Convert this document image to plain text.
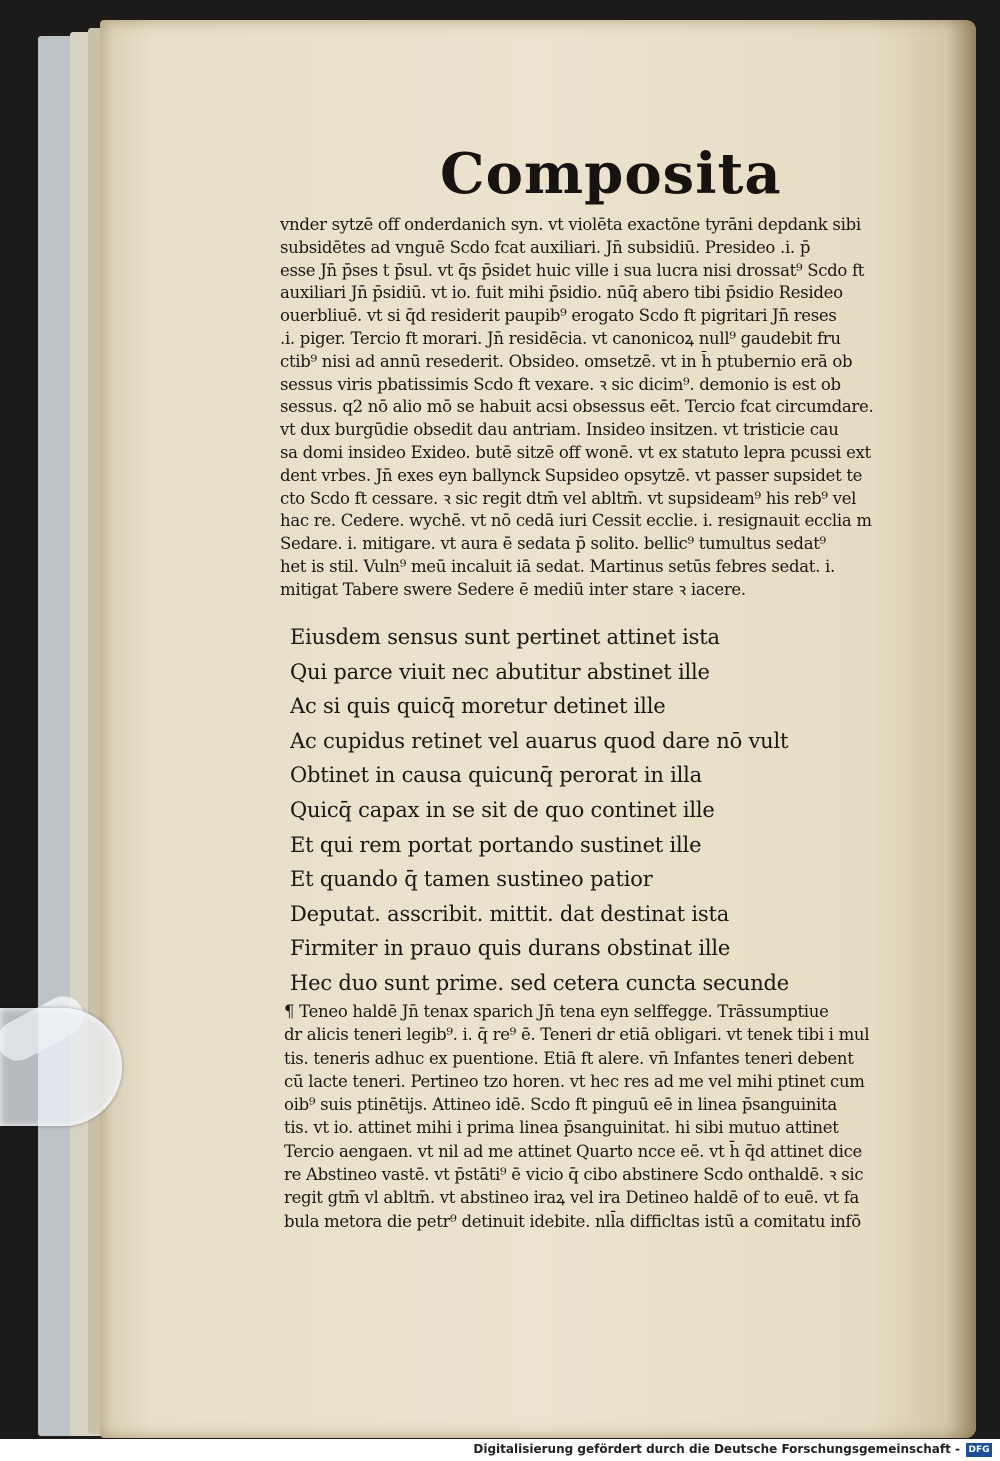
Composita
vnder sytzē off onderdanich syn. vt violēta exactōne tyrāni depdank sibi
subsidētes ad vnguē Scdo fcat auxiliari. Jn̄ subsidiū. Presideo .i. p̄
esse Jn̄ p̄ses t p̄sul. vt q̄s p̄sidet huic ville i sua lucra nisi drossat⁹ Scdo ft
auxiliari Jn̄ p̄sidiū. vt io. fuit mihi p̄sidio. nūq̄ abero tibi p̄sidio Resideo
ouerbliuē. vt si q̄d residerit paupib⁹ erogato Scdo ft pigritari Jn̄ reses
.i. piger. Tercio ft morari. Jn̄ residēcia. vt canonicoꝝ null⁹ gaudebit fru
ctib⁹ nisi ad annū resederit. Obsideo. omsetzē. vt in h̄ ptubernio erā ob
sessus viris pbatissimis Scdo ft vexare. ꝛ sic dicim⁹. demonio is est ob
sessus. q2 nō alio mō se habuit acsi obsessus eēt. Tercio fcat circumdare.
vt dux burgūdie obsedit dau antriam. Insideo insitzen. vt tristicie cau
sa domi insideo Exideo. butē sitzē off wonē. vt ex statuto lepra pcussi ext
dent vrbes. Jn̄ exes eyn ballynck Supsideo opsytzē. vt passer supsidet te
cto Scdo ft cessare. ꝛ sic regit dtm̄ vel abltm̄. vt supsideam⁹ his reb⁹ vel
hac re. Cedere. wychē. vt nō cedā iuri Cessit ecclie. i. resignauit ecclia m
Sedare. i. mitigare. vt aura ē sedata p̄ solito. bellic⁹ tumultus sedat⁹
het is stil. Vuln⁹ meū incaluit iā sedat. Martinus setūs febres sedat. i.
mitigat Tabere swere Sedere ē mediū inter stare ꝛ iacere.
Eiusdem sensus sunt pertinet attinet ista
Qui parce viuit nec abutitur abstinet ille
Ac si quis quicq̄ moretur detinet ille
Ac cupidus retinet vel auarus quod dare nō vult
Obtinet in causa quicunq̄ perorat in illa
Quicq̄ capax in se sit de quo continet ille
Et qui rem portat portando sustinet ille
Et quando q̄ tamen sustineo patior
Deputat. asscribit. mittit. dat destinat ista
Firmiter in prauo quis durans obstinat ille
Hec duo sunt prime. sed cetera cuncta secunde
¶ Teneo haldē Jn̄ tenax sparich Jn̄ tena eyn selffegge. Trāssumptiue
dr alicis teneri legib⁹. i. q̄ re⁹ ē. Teneri dr etiā obligari. vt tenek tibi i mul
tis. teneris adhuc ex puentione. Etiā ft alere. vn̄ Infantes teneri debent
cū lacte teneri. Pertineo tzo horen. vt hec res ad me vel mihi ptinet cum
oib⁹ suis ptinētijs. Attineo idē. Scdo ft pinguū eē in linea p̄sanguinita
tis. vt io. attinet mihi i prima linea p̄sanguinitat. hi sibi mutuo attinet
Tercio aengaen. vt nil ad me attinet Quarto ncce eē. vt h̄ q̄d attinet dice
re Abstineo vastē. vt p̄stāti⁹ ē vicio q̄ cibo abstinere Scdo onthaldē. ꝛ sic
regit gtm̄ vl abltm̄. vt abstineo iraꝝ vel ira Detineo haldē of to euē. vt fa
bula metora die petr⁹ detinuit idebite. nll̄a difficltas istū a comitatu infō
Digitalisierung gefördert durch die Deutsche Forschungsgemeinschaft - DFG
